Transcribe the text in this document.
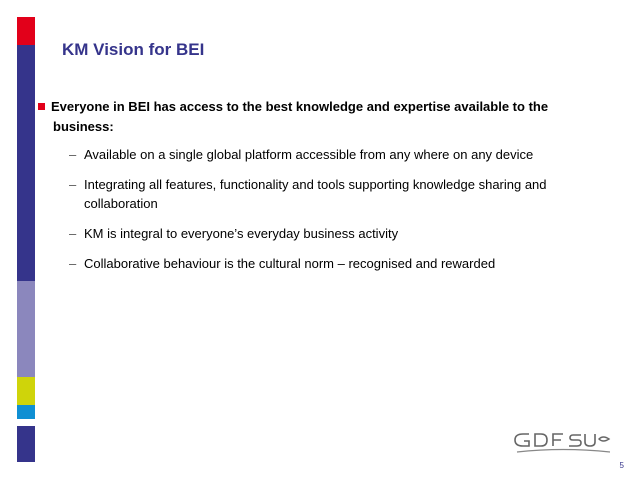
KM Vision for BEI
Everyone in BEI has access to the best knowledge and expertise available to the
business:
– Available on a single global platform accessible from any where on any device
– Integrating all features, functionality and tools supporting knowledge sharing and
collaboration
– KM is integral to everyone’s everyday business activity
– Collaborative behaviour is the cultural norm – recognised and rewarded
5
